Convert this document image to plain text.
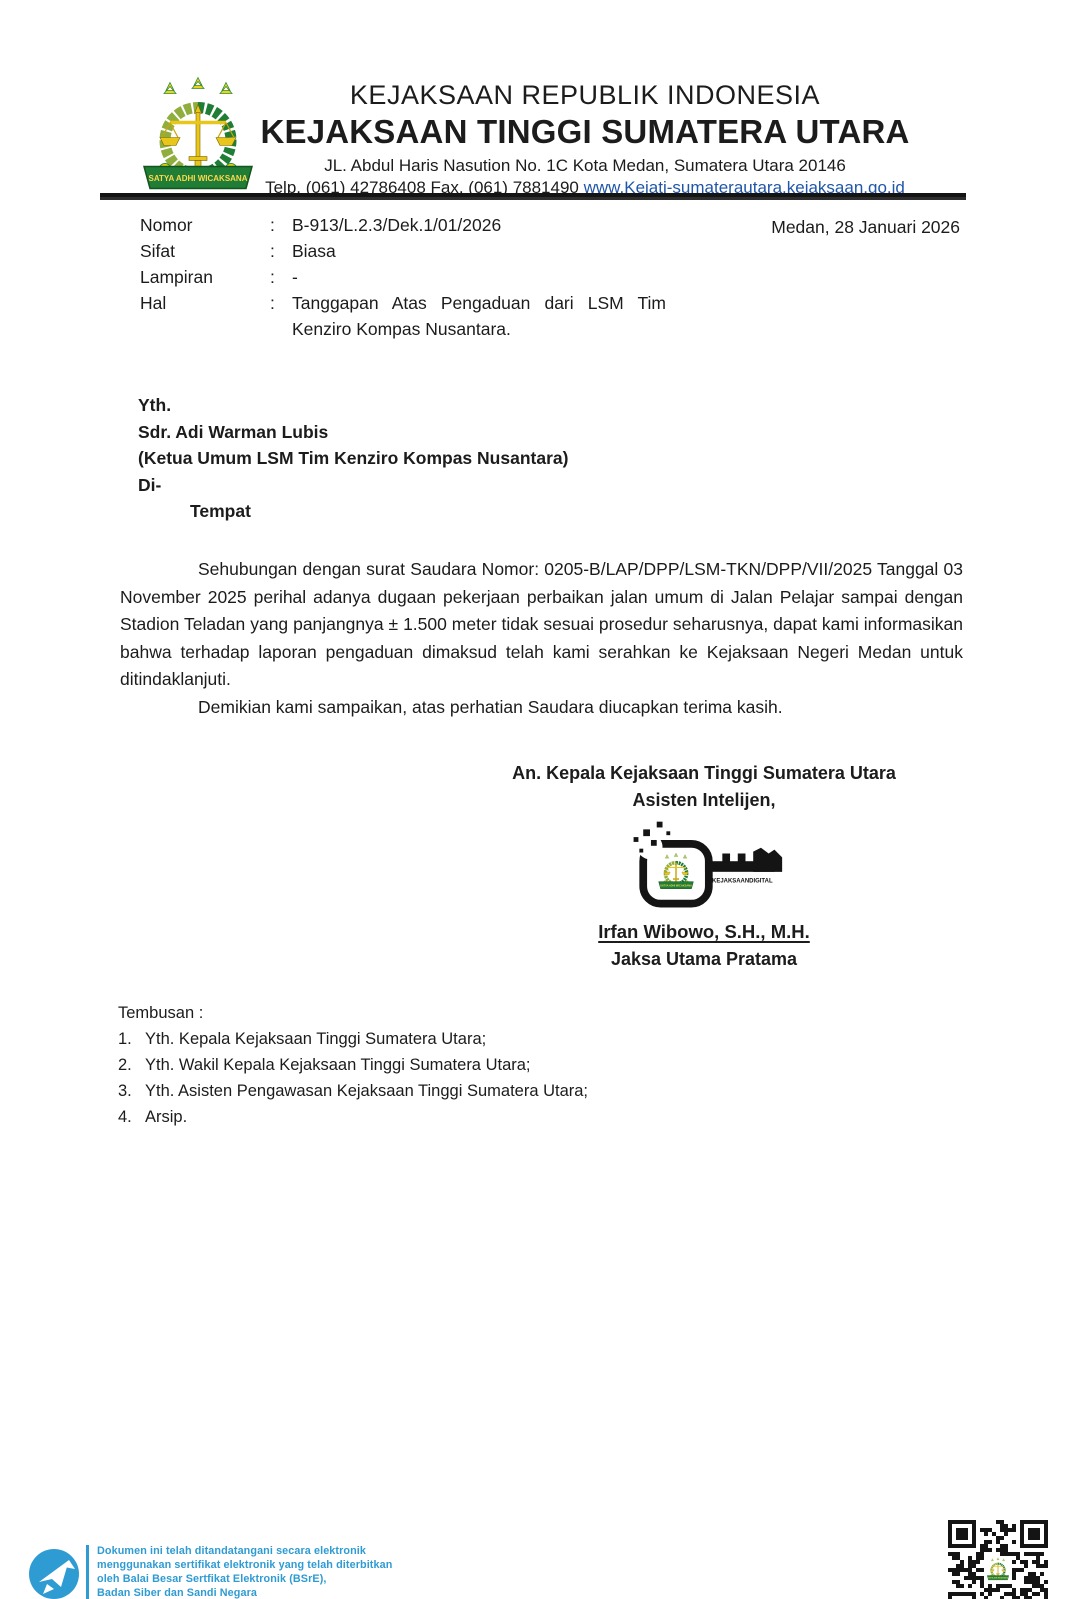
KEJAKSAAN REPUBLIK INDONESIA
KEJAKSAAN TINGGI SUMATERA UTARA
JL. Abdul Haris Nasution No. 1C Kota Medan, Sumatera Utara 20146
Telp. (061) 42786408 Fax. (061) 7881490 www.Kejati-sumaterautara.kejaksaan.go.id
Nomor	: B-913/L.2.3/Dek.1/01/2026
Sifat	: Biasa
Lampiran	: -
Hal	: Tanggapan Atas Pengaduan dari LSM Tim Kenziro Kompas Nusantara.
Medan, 28 Januari 2026
Yth.
Sdr. Adi Warman Lubis
(Ketua Umum LSM Tim Kenziro Kompas Nusantara)
Di-
Tempat

Sehubungan dengan surat Saudara Nomor: 0205-B/LAP/DPP/LSM-TKN/DPP/VII/2025 Tanggal 03 November 2025 perihal adanya dugaan pekerjaan perbaikan jalan umum di Jalan Pelajar sampai dengan Stadion Teladan yang panjangnya ± 1.500 meter tidak sesuai prosedur seharusnya, dapat kami informasikan bahwa terhadap laporan pengaduan dimaksud telah kami serahkan ke Kejaksaan Negeri Medan untuk ditindaklanjuti.

Demikian kami sampaikan, atas perhatian Saudara diucapkan terima kasih.

An. Kepala Kejaksaan Tinggi Sumatera Utara
Asisten Intelijen,
#KEJAKSAANDIGITAL
Irfan Wibowo, S.H., M.H.
Jaksa Utama Pratama
Tembusan :
1. Yth. Kepala Kejaksaan Tinggi Sumatera Utara;
2. Yth. Wakil Kepala Kejaksaan Tinggi Sumatera Utara;
3. Yth. Asisten Pengawasan Kejaksaan Tinggi Sumatera Utara;
4. Arsip.
Dokumen ini telah ditandatangani secara elektronik
menggunakan sertifikat elektronik yang telah diterbitkan
oleh Balai Besar Sertfikat Elektronik (BSrE),
Badan Siber dan Sandi Negara
